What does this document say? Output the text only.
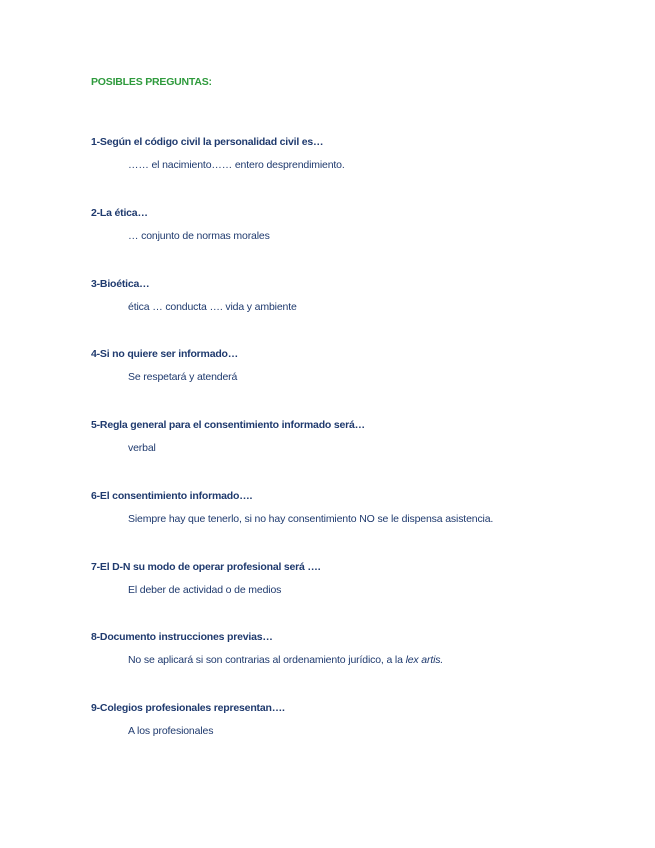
POSIBLES PREGUNTAS:
1-Según el código civil la personalidad civil es…
…… el nacimiento…… entero desprendimiento.
2-La ética…
… conjunto de normas morales
3-Bioética…
ética … conducta …. vida y ambiente
4-Si no quiere ser informado…
Se respetará y atenderá
5-Regla general para el consentimiento informado será…
verbal
6-El consentimiento informado….
Siempre hay que tenerlo, si no hay consentimiento NO se le dispensa asistencia.
7-El D-N su modo de operar profesional será ….
El deber de actividad o de medios
8-Documento instrucciones previas…
No se aplicará si son contrarias al ordenamiento jurídico, a la lex artis.
9-Colegios profesionales representan….
A los profesionales
